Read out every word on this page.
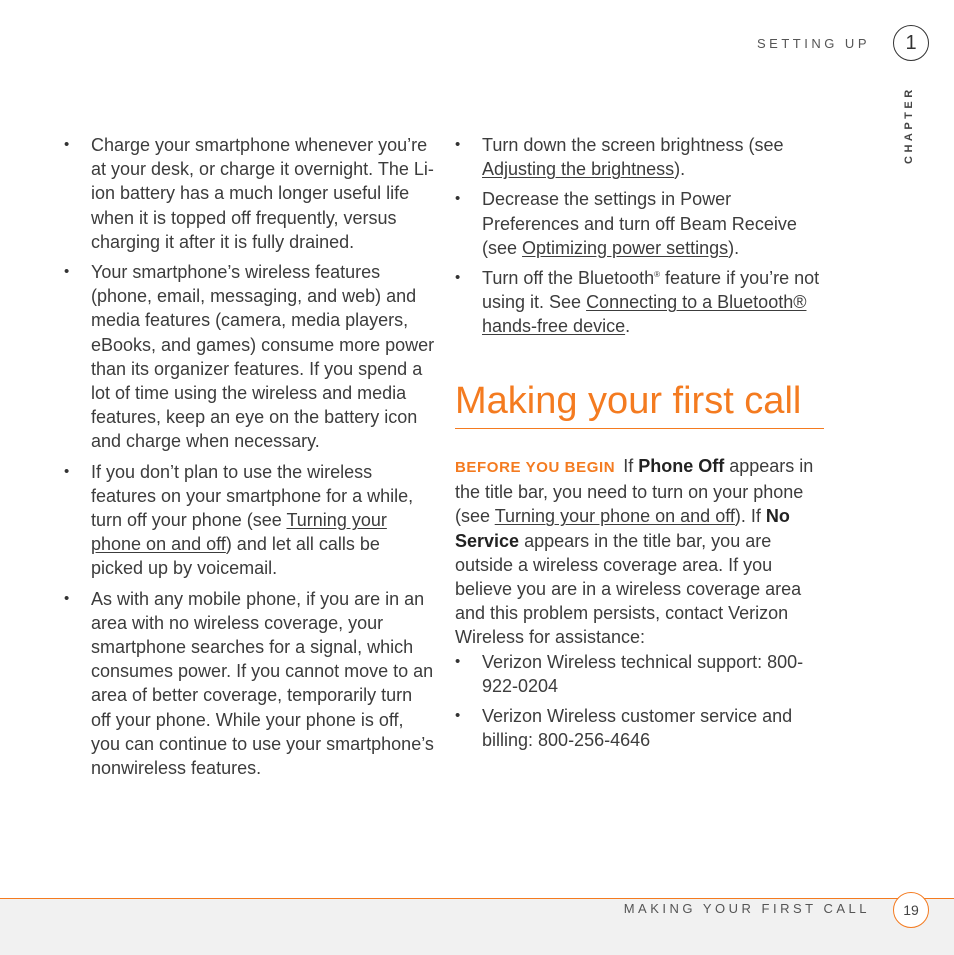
SETTING UP	1
CHAPTER
• Charge your smartphone whenever you’re at your desk, or charge it overnight. The Li-ion battery has a much longer useful life when it is topped off frequently, versus charging it after it is fully drained.
• Your smartphone’s wireless features (phone, email, messaging, and web) and media features (camera, media players, eBooks, and games) consume more power than its organizer features. If you spend a lot of time using the wireless and media features, keep an eye on the battery icon and charge when necessary.
• If you don’t plan to use the wireless features on your smartphone for a while, turn off your phone (see Turning your phone on and off) and let all calls be picked up by voicemail.
• As with any mobile phone, if you are in an area with no wireless coverage, your smartphone searches for a signal, which consumes power. If you cannot move to an area of better coverage, temporarily turn off your phone. While your phone is off, you can continue to use your smartphone’s nonwireless features.
• Turn down the screen brightness (see Adjusting the brightness).
• Decrease the settings in Power Preferences and turn off Beam Receive (see Optimizing power settings).
• Turn off the Bluetooth® feature if you’re not using it. See Connecting to a Bluetooth® hands-free device.
Making your first call
BEFORE YOU BEGIN If Phone Off appears in the title bar, you need to turn on your phone (see Turning your phone on and off). If No Service appears in the title bar, you are outside a wireless coverage area. If you believe you are in a wireless coverage area and this problem persists, contact Verizon Wireless for assistance:
• Verizon Wireless technical support: 800-922-0204
• Verizon Wireless customer service and billing: 800-256-4646
MAKING YOUR FIRST CALL	19
